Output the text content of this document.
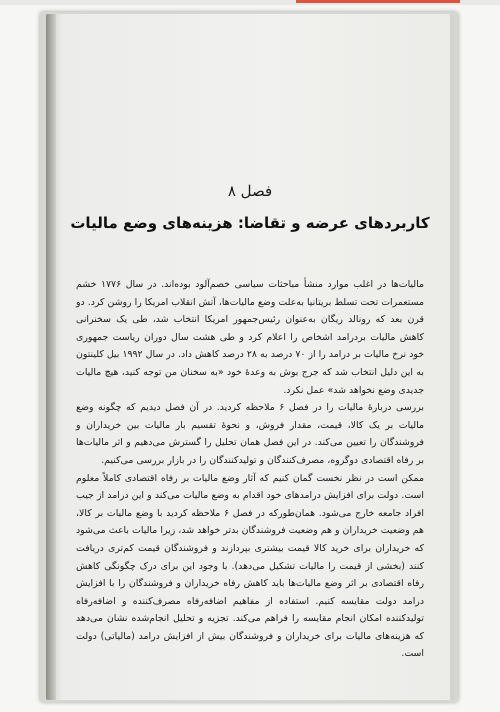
فصل ۸
کاربردهای عرضه و تقاضا: هزینه‌های وضع مالیات

مالیات‌ها در اغلب موارد منشأ مباحثات سیاسی خصم‌آلود بوده‌اند. در سال ۱۷۷۶ خشم مستعمرات تحت تسلط بریتانیا به‌علت وضع مالیات‌ها، آتش انقلاب امریکا را روشن کرد. دو قرن بعد که رونالد ریگان به‌عنوان رئیس‌جمهور امریکا انتخاب شد، طی یک سخنرانی کاهش مالیات بردرامد اشخاص را اعلام کرد و طی هشت سال دوران ریاست جمهوری خود نرخ مالیات بر درامد را از ۷۰ درصد به ۲۸ درصد کاهش داد. در سال ۱۹۹۲ بیل کلینتون به این دلیل انتخاب شد که جرج بوش به وعدهٔ خود «به سخنان من توجه کنید، هیچ مالیات جدیدی وضع نخواهد شد» عمل نکرد.

بررسی دربارهٔ مالیات را در فصل ۶ ملاحظه کردید. در آن فصل دیدیم که چگونه وضع مالیات بر یک کالا، قیمت، مقدار فروش، و نحوهٔ تقسیم بار مالیات بین خریداران و فروشندگان را تعیین می‌کند. در این فصل همان تحلیل را گسترش می‌دهیم و اثر مالیات‌ها بر رفاه اقتصادی دوگروه، مصرف‌کنندگان و تولیدکنندگان را در بازار بررسی می‌کنیم.

ممکن است در نظر نخست گمان کنیم که آثار وضع مالیات بر رفاه اقتصادی کاملاً معلوم است. دولت برای افزایش درامدهای خود اقدام به وضع مالیات می‌کند و این درامد از جیب افراد جامعه خارج می‌شود. همان‌طورکه در فصل ۶ ملاحظه کردید با وضع مالیات بر کالا، هم وضعیت خریداران و هم وضعیت فروشندگان بدتر خواهد شد، زیرا مالیات باعث می‌شود که خریداران برای خرید کالا قیمت بیشتری بپردازند و فروشندگان قیمت کم‌تری دریافت کنند (بخشی از قیمت را مالیات تشکیل می‌دهد). با وجود این برای درک چگونگی کاهش رفاه اقتصادی بر اثر وضع مالیات‌ها باید کاهش رفاه خریداران و فروشندگان را با افزایش درامد دولت مقایسه کنیم. استفاده از مفاهیم اضافه‌رفاه مصرف‌کننده و اضافه‌رفاه تولیدکننده امکان انجام مقایسه را فراهم می‌کند. تجزیه و تحلیل انجام‌شده نشان می‌دهد که هزینه‌های مالیات برای خریداران و فروشندگان بیش از افزایش درامد (مالیاتی) دولت است.
